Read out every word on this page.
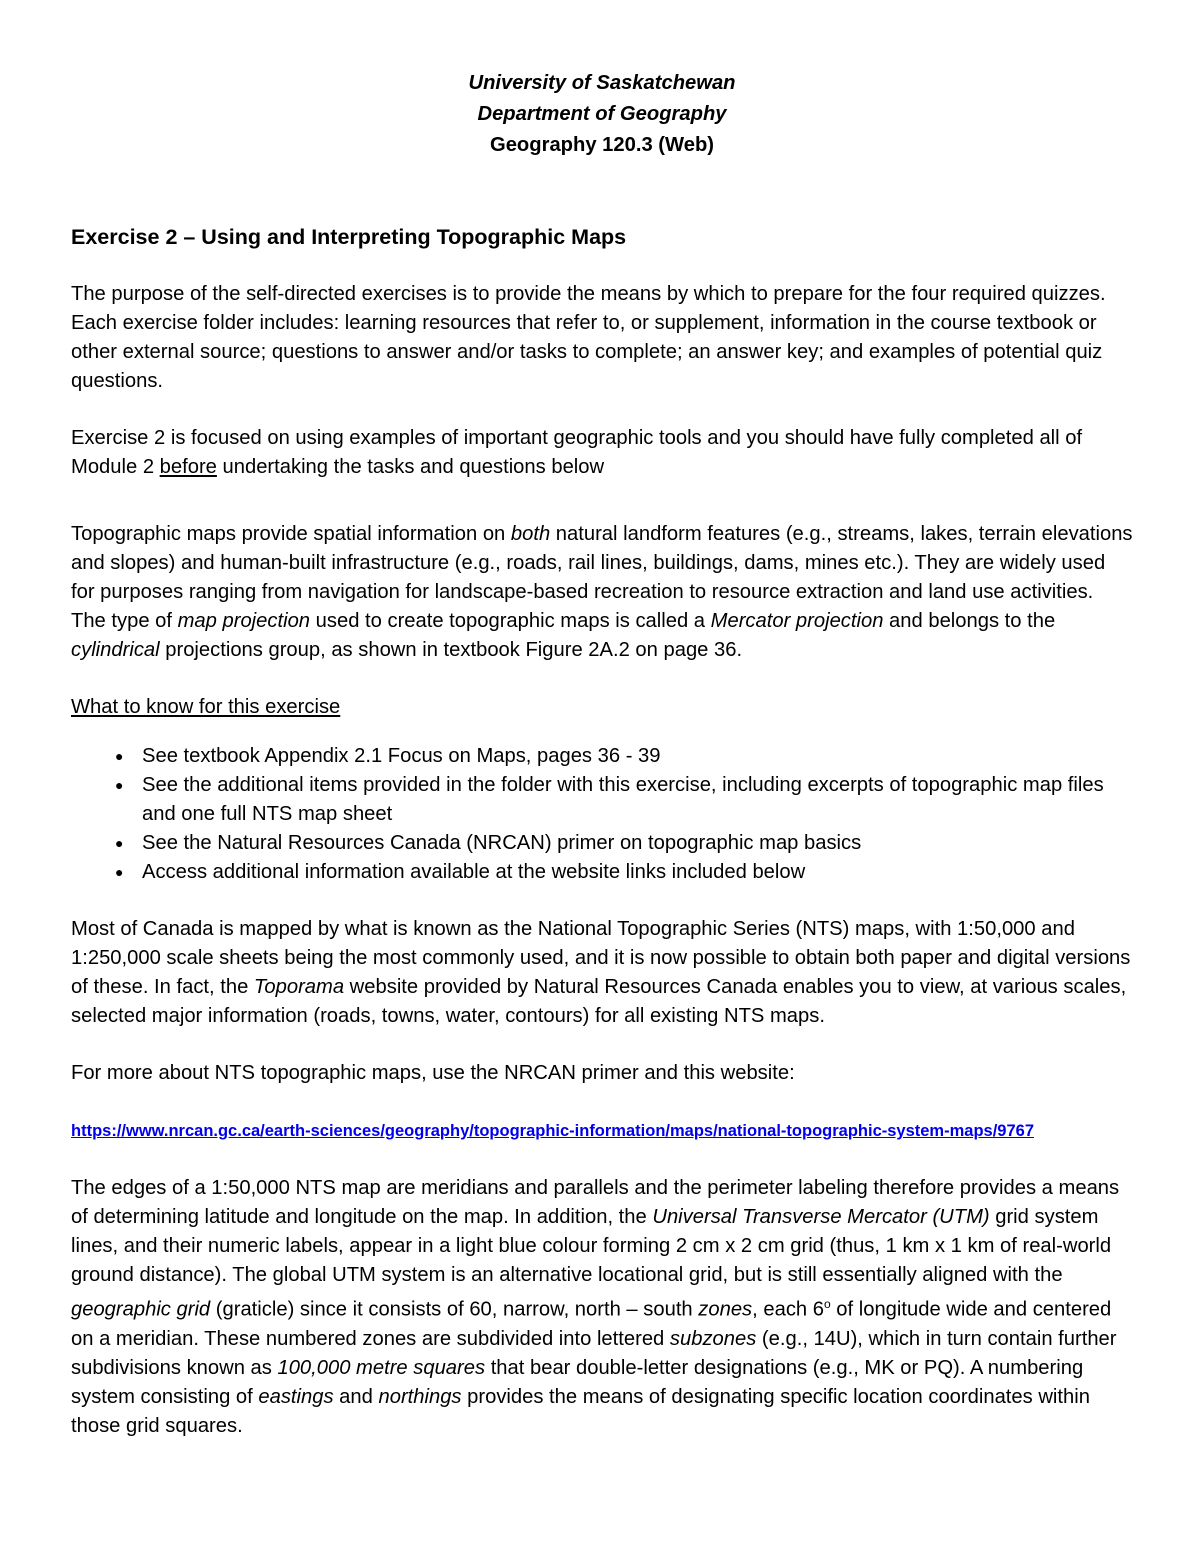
University of Saskatchewan
Department of Geography
Geography 120.3 (Web)

Exercise 2 – Using and Interpreting Topographic Maps

The purpose of the self-directed exercises is to provide the means by which to prepare for the four required quizzes. Each exercise folder includes: learning resources that refer to, or supplement, information in the course textbook or other external source; questions to answer and/or tasks to complete; an answer key; and examples of potential quiz questions.

Exercise 2 is focused on using examples of important geographic tools and you should have fully completed all of Module 2 before undertaking the tasks and questions below

Topographic maps provide spatial information on both natural landform features (e.g., streams, lakes, terrain elevations and slopes) and human-built infrastructure (e.g., roads, rail lines, buildings, dams, mines etc.). They are widely used for purposes ranging from navigation for landscape-based recreation to resource extraction and land use activities. The type of map projection used to create topographic maps is called a Mercator projection and belongs to the cylindrical projections group, as shown in textbook Figure 2A.2 on page 36.

What to know for this exercise

● See textbook Appendix 2.1 Focus on Maps, pages 36 - 39
● See the additional items provided in the folder with this exercise, including excerpts of topographic map files and one full NTS map sheet
● See the Natural Resources Canada (NRCAN) primer on topographic map basics
● Access additional information available at the website links included below

Most of Canada is mapped by what is known as the National Topographic Series (NTS) maps, with 1:50,000 and 1:250,000 scale sheets being the most commonly used, and it is now possible to obtain both paper and digital versions of these. In fact, the Toporama website provided by Natural Resources Canada enables you to view, at various scales, selected major information (roads, towns, water, contours) for all existing NTS maps.

For more about NTS topographic maps, use the NRCAN primer and this website:

https://www.nrcan.gc.ca/earth-sciences/geography/topographic-information/maps/national-topographic-system-maps/9767

The edges of a 1:50,000 NTS map are meridians and parallels and the perimeter labeling therefore provides a means of determining latitude and longitude on the map. In addition, the Universal Transverse Mercator (UTM) grid system lines, and their numeric labels, appear in a light blue colour forming 2 cm x 2 cm grid (thus, 1 km x 1 km of real-world ground distance). The global UTM system is an alternative locational grid, but is still essentially aligned with the geographic grid (graticle) since it consists of 60, narrow, north – south zones, each 6$^o$ of longitude wide and centered on a meridian. These numbered zones are subdivided into lettered subzones (e.g., 14U), which in turn contain further subdivisions known as 100,000 metre squares that bear double-letter designations (e.g., MK or PQ). A numbering system consisting of eastings and northings provides the means of designating specific location coordinates within those grid squares.
